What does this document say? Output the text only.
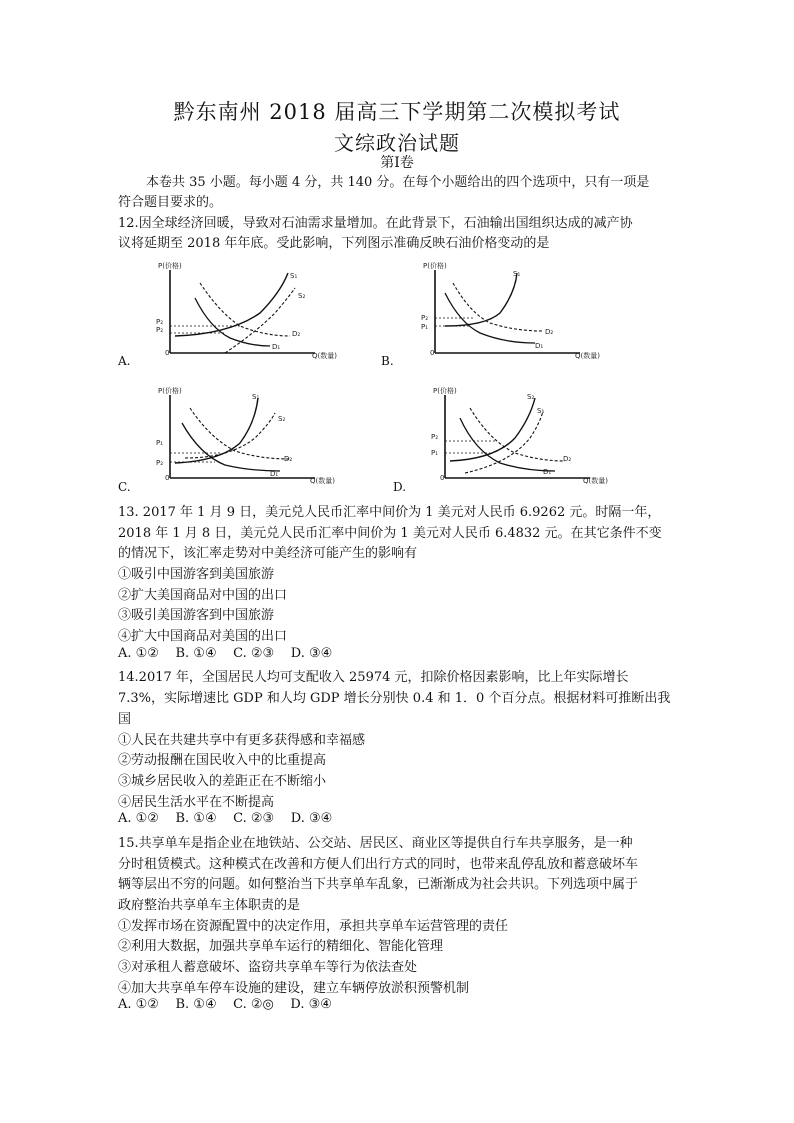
黔东南州 2018 届高三下学期第二次模拟考试
文综政治试题
第Ⅰ卷
本卷共 35 小题。每小题 4 分，共 140 分。在每个小题给出的四个选项中，只有一项是
符合题目要求的。
12.因全球经济回暖，导致对石油需求量增加。在此背景下，石油输出国组织达成的减产协
议将延期至 2018 年年底。受此影响，下列图示准确反映石油价格变动的是
P(价格)
Q(数量)
0
P₂
P₂
S₁
S₂
D₂
D₁
A.
P(价格)
Q(数量)
0
P₂
P₁
S₁
D₂
D₁
B.
P(价格)
Q(数量)
0
P₁
P₂
S₁
S₂
D₂
D₁
C.
P(价格)
Q(数量)
0
P₂
P₁
S₂
S₁
D₂
D₁
D.
13. 2017 年 1 月 9 日，美元兑人民币汇率中间价为 1 美元对人民币 6.9262 元。时隔一年，
2018 年 1 月 8 日，美元兑人民币汇率中间价为 1 美元对人民币 6.4832 元。在其它条件不变
的情况下，该汇率走势对中美经济可能产生的影响有
①吸引中国游客到美国旅游
②扩大美国商品对中国的出口
③吸引美国游客到中国旅游
④扩大中国商品对美国的出口
A. ①②    B. ①④    C. ②③    D. ③④
14.2017 年，全国居民人均可支配收入 25974 元，扣除价格因素影响，比上年实际增长
7.3%，实际增速比 GDP 和人均 GDP 增长分别快 0.4 和 1．0 个百分点。根据材料可推断出我
国
①人民在共建共享中有更多获得感和幸福感
②劳动报酬在国民收入中的比重提高
③城乡居民收入的差距正在不断缩小
④居民生活水平在不断提高
A. ①②    B. ①④    C. ②③    D. ③④
15.共享单车是指企业在地铁站、公交站、居民区、商业区等提供自行车共享服务，是一种
分时租赁模式。这种模式在改善和方便人们出行方式的同时，也带来乱停乱放和蓄意破坏车
辆等层出不穷的问题。如何整治当下共享单车乱象，已渐渐成为社会共识。下列选项中属于
政府整治共享单车主体职责的是
①发挥市场在资源配置中的决定作用，承担共享单车运营管理的责任
②利用大数据，加强共享单车运行的精细化、智能化管理
③对承租人蓄意破坏、盗窃共享单车等行为依法查处
④加大共享单车停车设施的建设，建立车辆停放淤积预警机制
A. ①②    B. ①④    C. ②◎    D. ③④
